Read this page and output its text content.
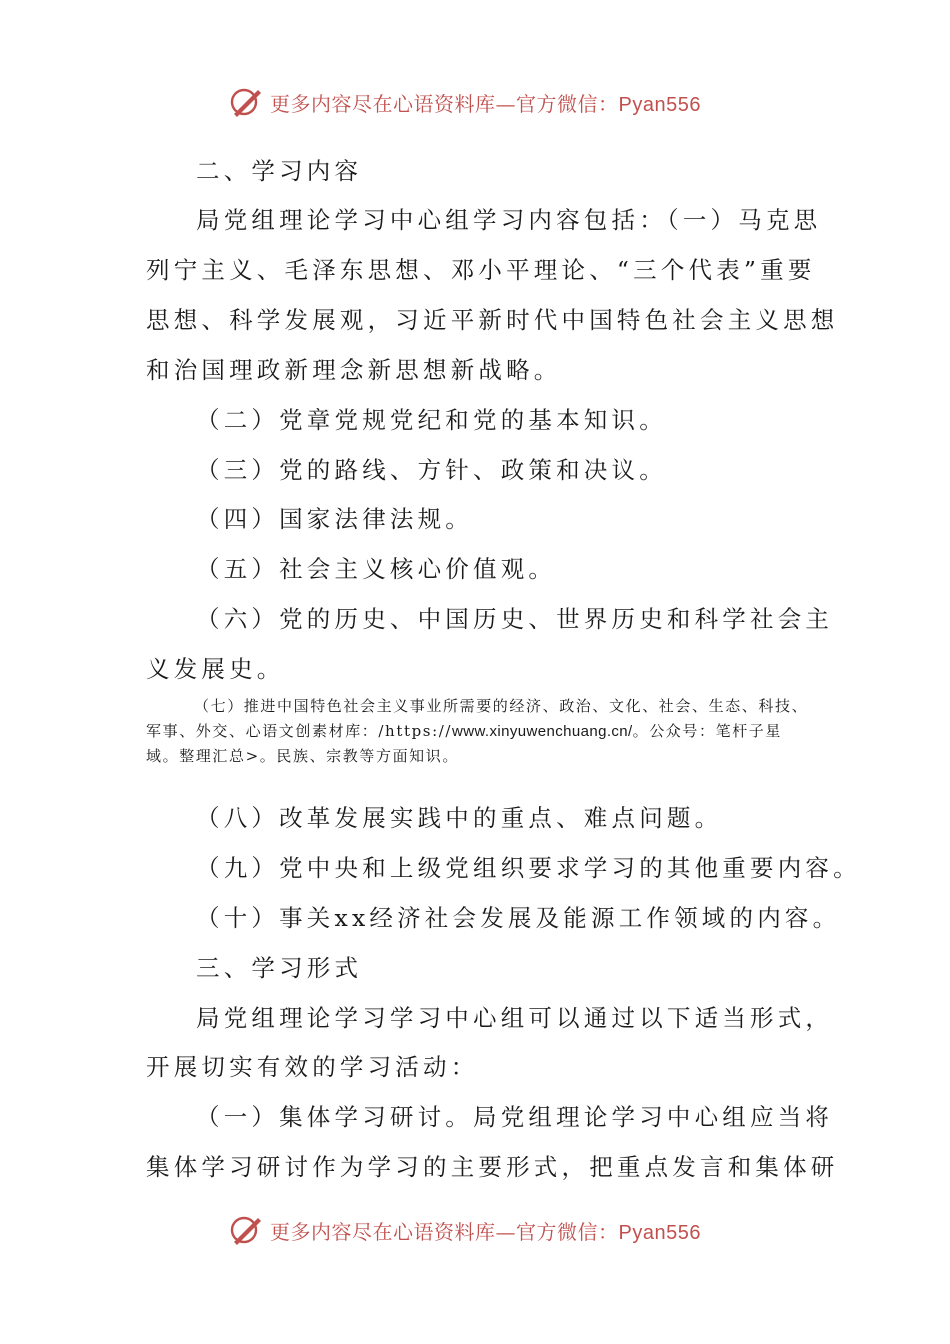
更多内容尽在心语资料库—官方微信：Pyan556
二、学习内容
局党组理论学习中心组学习内容包括：（一）马克思
列宁主义、毛泽东思想、邓小平理论、“三个代表”重要
思想、科学发展观，习近平新时代中国特色社会主义思想
和治国理政新理念新思想新战略。
（二）党章党规党纪和党的基本知识。
（三）党的路线、方针、政策和决议。
（四）国家法律法规。
（五）社会主义核心价值观。
（六）党的历史、中国历史、世界历史和科学社会主
义发展史。
（七）推进中国特色社会主义事业所需要的经济、政治、文化、社会、生态、科技、军事、外交、心语文创素材库：/https://www.xinyuwenchuang.cn/。公众号：笔杆子星域。整理汇总>。民族、宗教等方面知识。
（八）改革发展实践中的重点、难点问题。
（九）党中央和上级党组织要求学习的其他重要内容。
（十）事关xx经济社会发展及能源工作领域的内容。
三、学习形式
局党组理论学习学习中心组可以通过以下适当形式，
开展切实有效的学习活动：
（一）集体学习研讨。局党组理论学习中心组应当将
集体学习研讨作为学习的主要形式，把重点发言和集体研
更多内容尽在心语资料库—官方微信：Pyan556
